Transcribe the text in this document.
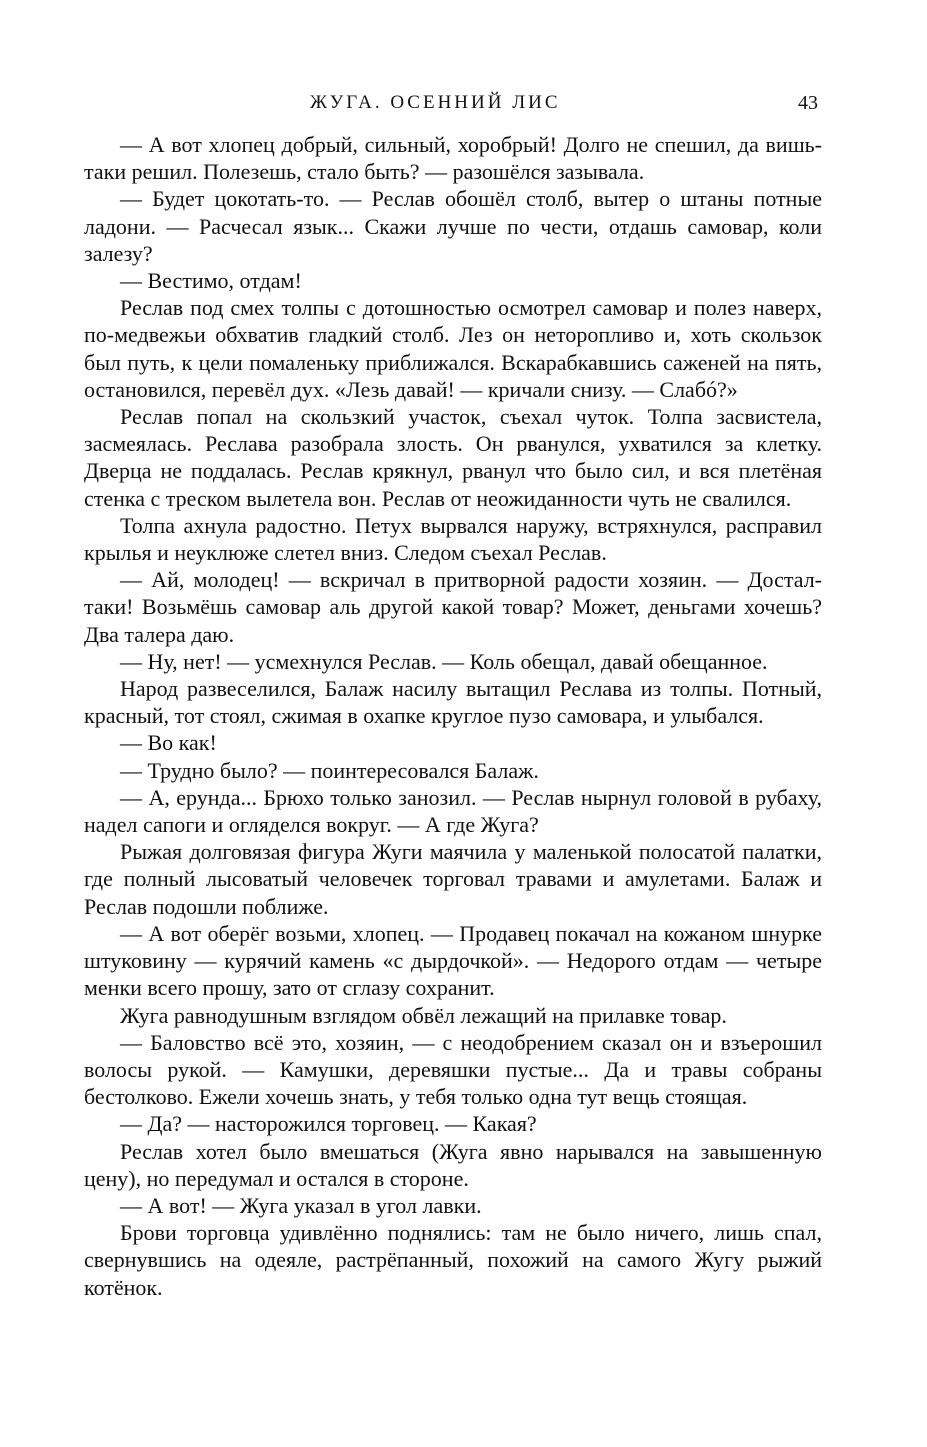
ЖУГА. ОСЕННИЙ ЛИС	43

— А вот хлопец добрый, сильный, хоробрый! Долго не спешил, да вишь-таки решил. Полезешь, стало быть? — разошёлся зазывала.

— Будет цокотать-то. — Реслав обошёл столб, вытер о штаны потные ладони. — Расчесал язык... Скажи лучше по чести, отдашь самовар, коли залезу?

— Вестимо, отдам!

Реслав под смех толпы с дотошностью осмотрел самовар и полез наверх, по-медвежьи обхватив гладкий столб. Лез он неторопливо и, хоть скользок был путь, к цели помаленьку приближался. Вскарабкавшись саженей на пять, остановился, перевёл дух. «Лезь давай! — кричали снизу. — Слабó?»

Реслав попал на скользкий участок, съехал чуток. Толпа засвистела, засмеялась. Реслава разобрала злость. Он рванулся, ухватился за клетку. Дверца не поддалась. Реслав крякнул, рванул что было сил, и вся плетёная стенка с треском вылетела вон. Реслав от неожиданности чуть не свалился.

Толпа ахнула радостно. Петух вырвался наружу, встряхнулся, расправил крылья и неуклюже слетел вниз. Следом съехал Реслав.

— Ай, молодец! — вскричал в притворной радости хозяин. — Достал-таки! Возьмёшь самовар аль другой какой товар? Может, деньгами хочешь? Два талера даю.

— Ну, нет! — усмехнулся Реслав. — Коль обещал, давай обещанное.

Народ развеселился, Балаж насилу вытащил Реслава из толпы. Потный, красный, тот стоял, сжимая в охапке круглое пузо самовара, и улыбался.

— Во как!

— Трудно было? — поинтересовался Балаж.

— А, ерунда... Брюхо только занозил. — Реслав нырнул головой в рубаху, надел сапоги и огляделся вокруг. — А где Жуга?

Рыжая долговязая фигура Жуги маячила у маленькой полосатой палатки, где полный лысоватый человечек торговал травами и амулетами. Балаж и Реслав подошли поближе.

— А вот оберёг возьми, хлопец. — Продавец покачал на кожаном шнурке штуковину — курячий камень «с дырдочкой». — Недорого отдам — четыре менки всего прошу, зато от сглазу сохранит.

Жуга равнодушным взглядом обвёл лежащий на прилавке товар.

— Баловство всё это, хозяин, — с неодобрением сказал он и взъерошил волосы рукой. — Камушки, деревяшки пустые... Да и травы собраны бестолково. Ежели хочешь знать, у тебя только одна тут вещь стоящая.

— Да? — насторожился торговец. — Какая?

Реслав хотел было вмешаться (Жуга явно нарывался на завышенную цену), но передумал и остался в стороне.

— А вот! — Жуга указал в угол лавки.

Брови торговца удивлённо поднялись: там не было ничего, лишь спал, свернувшись на одеяле, растрёпанный, похожий на самого Жугу рыжий котёнок.
